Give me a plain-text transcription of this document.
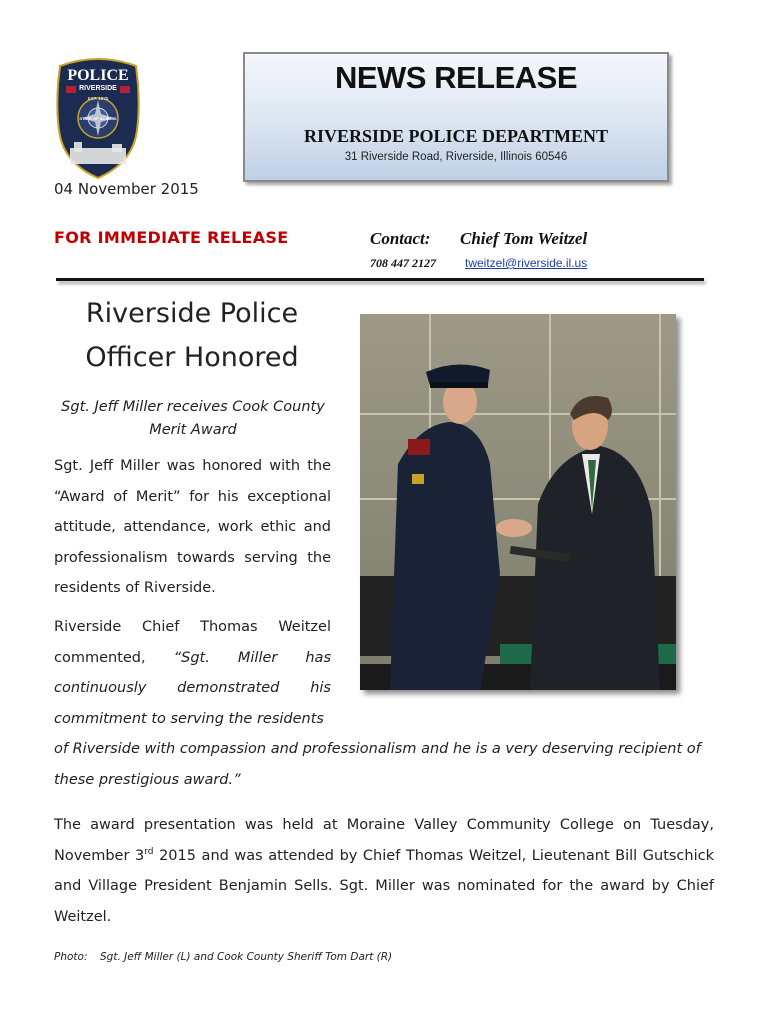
POLICE
RIVERSIDE
EST. 1875
STATE OF ILLINOIS
04 November 2015
NEWS RELEASE
RIVERSIDE POLICE DEPARTMENT
31 Riverside Road, Riverside, Illinois 60546
FOR IMMEDIATE RELEASE	Contact: Chief Tom Weitzel
708 447 2127 tweitzel@riverside.il.us
Riverside Police
Officer Honored
Sgt. Jeff Miller receives Cook County Merit Award
Sgt. Jeff Miller was honored with the “Award of Merit” for his exceptional attitude, attendance, work ethic and professionalism towards serving the residents of Riverside.
Riverside Chief Thomas Weitzel commented, “Sgt. Miller has continuously demonstrated his commitment to serving the residents
of Riverside with compassion and professionalism and he is a very deserving recipient of these prestigious award.”
The award presentation was held at Moraine Valley Community College on Tuesday, November 3rd 2015 and was attended by Chief Thomas Weitzel, Lieutenant Bill Gutschick and Village President Benjamin Sells. Sgt. Miller was nominated for the award by Chief Weitzel.
Photo: Sgt. Jeff Miller (L) and Cook County Sheriff Tom Dart (R)
